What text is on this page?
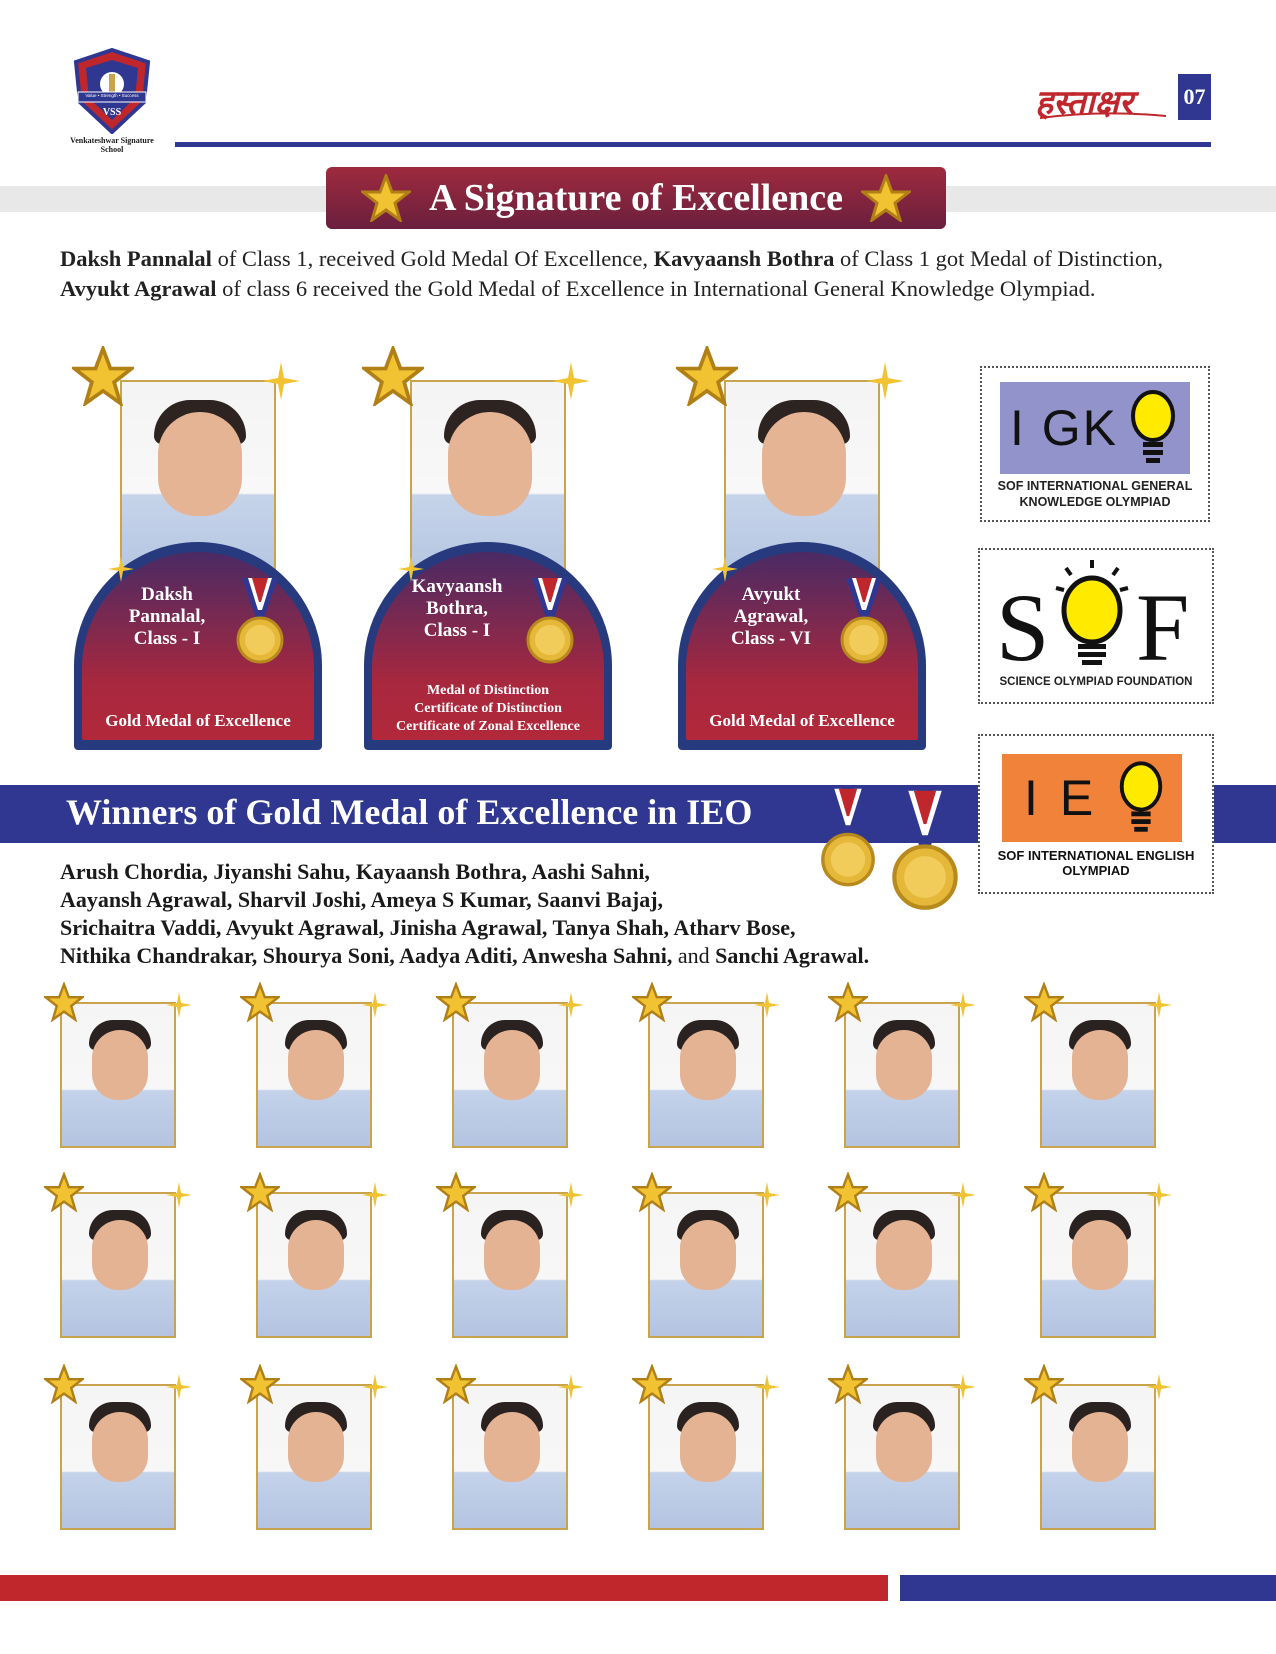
Value • Strength • Success
VSS
Venkateshwar Signature School
हस्ताक्षर 07
A Signature of Excellence
Daksh Pannalal of Class 1, received Gold Medal Of Excellence, Kavyaansh Bothra of Class 1 got Medal of Distinction, Avyukt Agrawal of class 6 received the Gold Medal of Excellence in International General Knowledge Olympiad.
Daksh
Pannalal,
Class - I
Gold Medal of Excellence
Kavyaansh
Bothra,
Class - I
Medal of Distinction
Certificate of Distinction
Certificate of Zonal Excellence
Avyukt
Agrawal,
Class - VI
Gold Medal of Excellence
I GK
SOF INTERNATIONAL GENERAL
KNOWLEDGE OLYMPIAD
S F
SCIENCE OLYMPIAD FOUNDATION
Winners of Gold Medal of Excellence in IEO	I E
SOF INTERNATIONAL ENGLISH
OLYMPIAD
Arush Chordia, Jiyanshi Sahu, Kayaansh Bothra, Aashi Sahni,
Aayansh Agrawal, Sharvil Joshi, Ameya S Kumar, Saanvi Bajaj,
Srichaitra Vaddi, Avyukt Agrawal, Jinisha Agrawal, Tanya Shah, Atharv Bose,
Nithika Chandrakar, Shourya Soni, Aadya Aditi, Anwesha Sahni, and Sanchi Agrawal.
